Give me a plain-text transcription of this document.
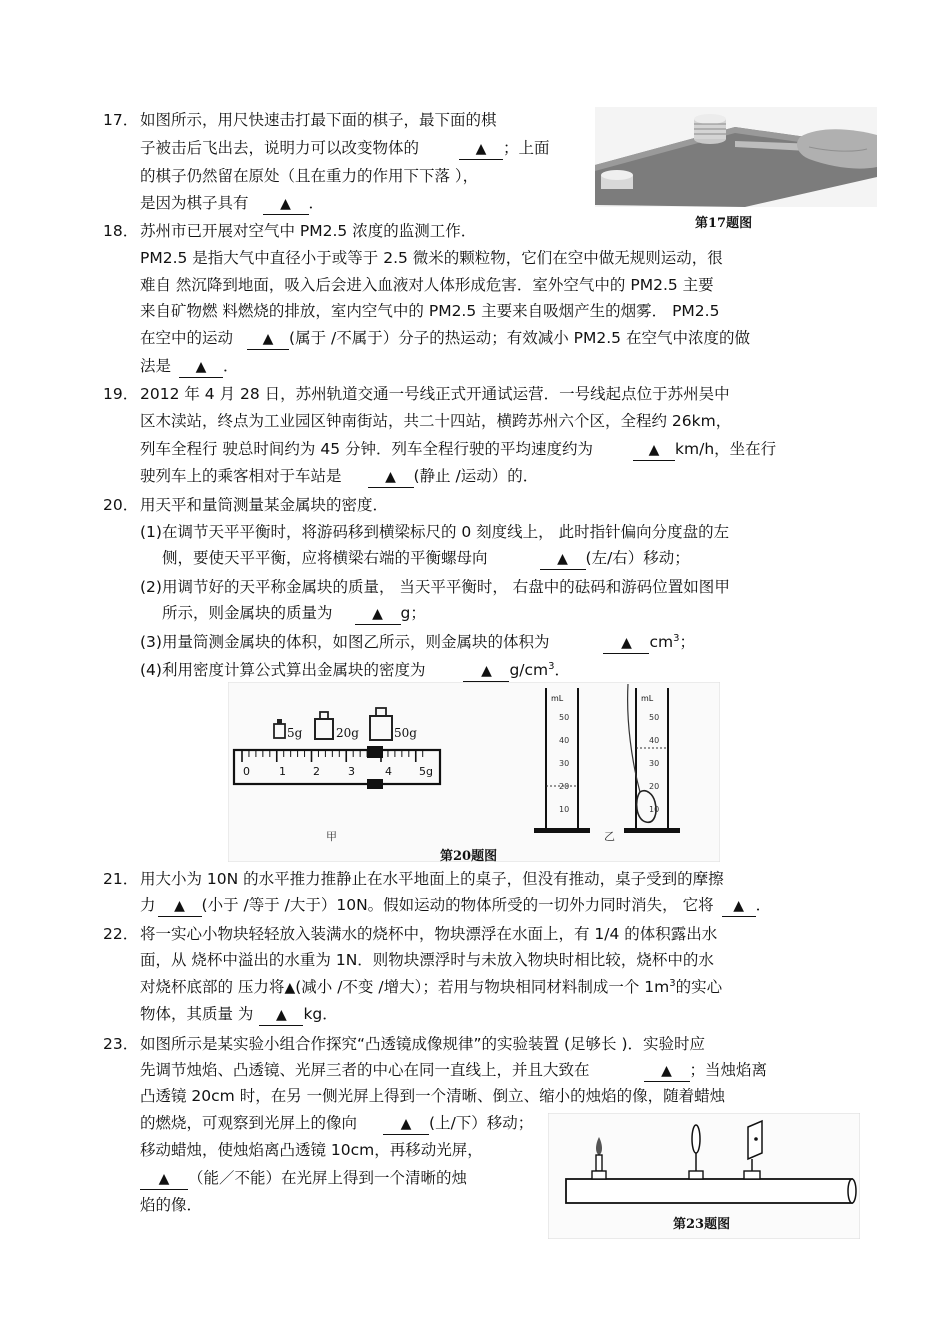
17． 如图所示，用尺快速击打最下面的棋子，最下面的棋
子被击后飞出去，说明力可以改变物体的	▲ ；上面
的棋子仍然留在原处（且在重力的作用下下落 ），
是因为棋子具有 ▲ ．
第17题图
18． 苏州市已开展对空气中 PM2.5 浓度的监测工作．
PM2.5 是指大气中直径小于或等于 2.5 微米的颗粒物，它们在空中做无规则运动，很
难自 然沉降到地面，吸入后会进入血液对人体形成危害．室外空气中的 PM2.5 主要
来自矿物燃 料燃烧的排放，室内空气中的 PM2.5 主要来自吸烟产生的烟雾． PM2.5
在空中的运动 ▲ (属于 /不属于）分子的热运动；有效减小 PM2.5 在空气中浓度的做
法是 ▲ ．
19． 2012 年 4 月 28 日，苏州轨道交通一号线正式开通试运营．一号线起点位于苏州吴中
区木渎站，终点为工业园区钟南街站，共二十四站，横跨苏州六个区，全程约 26km，
列车全程行 驶总时间约为 45 分钟．列车全程行驶的平均速度约为	▲ km/h，坐在行
驶列车上的乘客相对于车站是	▲ (静止 /运动）的．
20． 用天平和量筒测量某金属块的密度．
(1)在调节天平平衡时，将游码移到横梁标尺的 0 刻度线上， 此时指针偏向分度盘的左
侧，要使天平平衡，应将横梁右端的平衡螺母向	▲ (左/右）移动；
(2)用调节好的天平称金属块的质量， 当天平平衡时， 右盘中的砝码和游码位置如图甲
所示，则金属块的质量为	▲ g；
(3)用量筒测金属块的体积，如图乙所示，则金属块的体积为	▲ $cm^3$；
(4)利用密度计算公式算出金属块的密度为	▲ $g/cm^3$．
5g	20g	50g
0	1 2	3	4 5g
甲
mL
50
40
30
20
10
mL
50
40
30
20
10
乙
第20题图
21． 用大小为 10N 的水平推力推静止在水平地面上的桌子，但没有推动，桌子受到的摩擦
力 ▲ (小于 /等于 /大于）10N。假如运动的物体所受的一切外力同时消失， 它将 ▲ ．
22． 将一实心小物块轻轻放入装满水的烧杯中，物块漂浮在水面上，有 1/4 的体积露出水
面，从 烧杯中溢出的水重为 1N．则物块漂浮时与未放入物块时相比较，烧杯中的水
对烧杯底部的 压力将▲(减小 /不变 /增大）；若用与物块相同材料制成一个 $1m^3$的实心
物体，其质量 为 ▲ kg．
23． 如图所示是某实验小组合作探究“凸透镜成像规律”的实验装置 (足够长 )．实验时应
先调节烛焰、凸透镜、光屏三者的中心在同一直线上，并且大致在	▲ ；当烛焰离
凸透镜 20cm 时，在另 一侧光屏上得到一个清晰、倒立、缩小的烛焰的像，随着蜡烛
的燃烧，可观察到光屏上的像向	▲ (上/下）移动；
移动蜡烛，使烛焰离凸透镜 10cm，再移动光屏，
▲ （能／不能）在光屏上得到一个清晰的烛
焰的像．
第23题图
